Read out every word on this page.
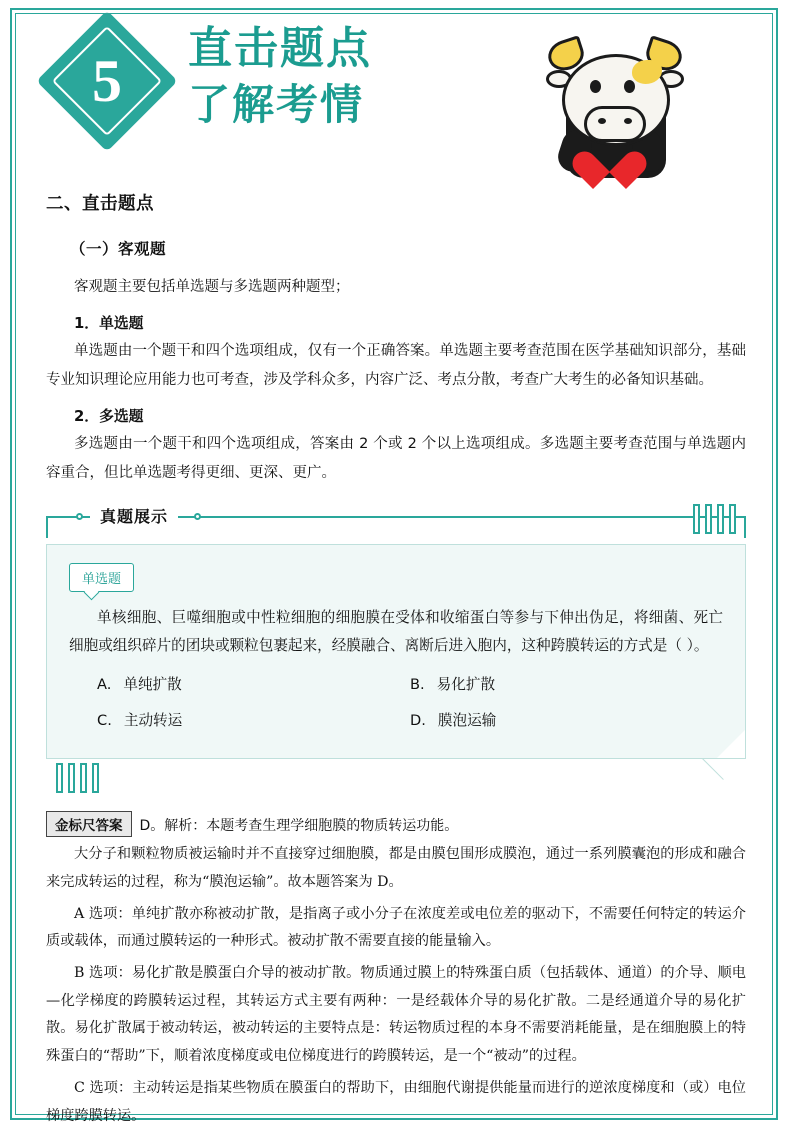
5	直击题点
了解考情
二、直击题点
（一）客观题

客观题主要包括单选题与多选题两种题型；

1．单选题

单选题由一个题干和四个选项组成，仅有一个正确答案。单选题主要考查范围在医学基础知识部分，基础专业知识理论应用能力也可考查，涉及学科众多，内容广泛、考点分散，考查广大考生的必备知识基础。

2．多选题

多选题由一个题干和四个选项组成，答案由 2 个或 2 个以上选项组成。多选题主要考查范围与单选题内容重合，但比单选题考得更细、更深、更广。

真题展示
单选题

单核细胞、巨噬细胞或中性粒细胞的细胞膜在受体和收缩蛋白等参与下伸出伪足，将细菌、死亡细胞或组织碎片的团块或颗粒包裹起来，经膜融合、离断后进入胞内，这种跨膜转运的方式是（ ）。

A. 单纯扩散	B. 易化扩散
C. 主动转运	D. 膜泡运输
金标尺答案 D。解析：本题考查生理学细胞膜的物质转运功能。

大分子和颗粒物质被运输时并不直接穿过细胞膜，都是由膜包围形成膜泡，通过一系列膜囊泡的形成和融合来完成转运的过程，称为“膜泡运输”。故本题答案为 D。

A 选项：单纯扩散亦称被动扩散，是指离子或小分子在浓度差或电位差的驱动下，不需要任何特定的转运介质或载体，而通过膜转运的一种形式。被动扩散不需要直接的能量输入。

B 选项：易化扩散是膜蛋白介导的被动扩散。物质通过膜上的特殊蛋白质（包括载体、通道）的介导、顺电—化学梯度的跨膜转运过程，其转运方式主要有两种：一是经载体介导的易化扩散。二是经通道介导的易化扩散。易化扩散属于被动转运，被动转运的主要特点是：转运物质过程的本身不需要消耗能量，是在细胞膜上的特殊蛋白的“帮助”下，顺着浓度梯度或电位梯度进行的跨膜转运，是一个“被动”的过程。

C 选项：主动转运是指某些物质在膜蛋白的帮助下，由细胞代谢提供能量而进行的逆浓度梯度和（或）电位梯度跨膜转运。
